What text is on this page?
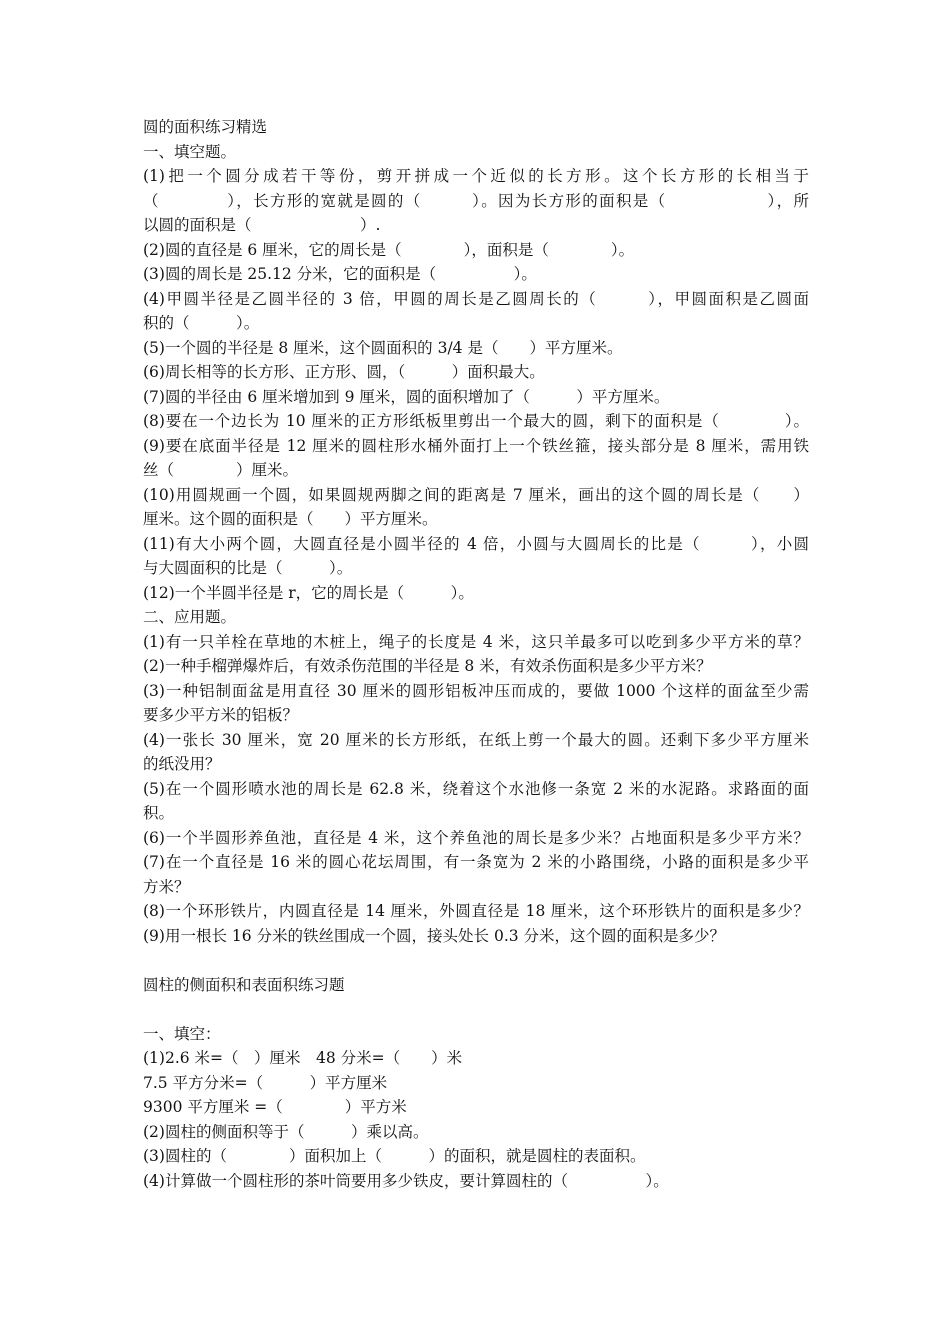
圆的面积练习精选
一、填空题。
(1)把一个圆分成若干等份，剪开拼成一个近似的长方形。这个长方形的长相当于
（　　　　），长方形的宽就是圆的（　　　）。因为长方形的面积是（　　　　　　），所
以圆的面积是（　　　　　　　）.
(2)圆的直径是 6 厘米，它的周长是（　　　　），面积是（　　　　）。
(3)圆的周长是 25.12 分米，它的面积是（　　　　　）。
(4)甲圆半径是乙圆半径的 3 倍，甲圆的周长是乙圆周长的（　　　），甲圆面积是乙圆面
积的（　　　）。
(5)一个圆的半径是 8 厘米，这个圆面积的 3/4 是（　　）平方厘米。
(6)周长相等的长方形、正方形、圆，（　　　）面积最大。
(7)圆的半径由 6 厘米增加到 9 厘米，圆的面积增加了（　　　）平方厘米。
(8)要在一个边长为 10 厘米的正方形纸板里剪出一个最大的圆，剩下的面积是（　　　　）。
(9)要在底面半径是 12 厘米的圆柱形水桶外面打上一个铁丝箍，接头部分是 8 厘米，需用铁
丝（　　　　）厘米。
(10)用圆规画一个圆，如果圆规两脚之间的距离是 7 厘米，画出的这个圆的周长是（　　）
厘米。这个圆的面积是（　　）平方厘米。
(11)有大小两个圆，大圆直径是小圆半径的 4 倍，小圆与大圆周长的比是（　　　），小圆
与大圆面积的比是（　　　）。
(12)一个半圆半径是 r，它的周长是（　　　）。
二、应用题。
(1)有一只羊栓在草地的木桩上，绳子的长度是 4 米，这只羊最多可以吃到多少平方米的草？
(2)一种手榴弹爆炸后，有效杀伤范围的半径是 8 米，有效杀伤面积是多少平方米？
(3)一种铝制面盆是用直径 30 厘米的圆形铝板冲压而成的，要做 1000 个这样的面盆至少需
要多少平方米的铝板？
(4)一张长 30 厘米，宽 20 厘米的长方形纸，在纸上剪一个最大的圆。还剩下多少平方厘米
的纸没用？
(5)在一个圆形喷水池的周长是 62.8 米，绕着这个水池修一条宽 2 米的水泥路。求路面的面
积。
(6)一个半圆形养鱼池，直径是 4 米，这个养鱼池的周长是多少米？占地面积是多少平方米？
(7)在一个直径是 16 米的圆心花坛周围，有一条宽为 2 米的小路围绕，小路的面积是多少平
方米？
(8)一个环形铁片，内圆直径是 14 厘米，外圆直径是 18 厘米，这个环形铁片的面积是多少？
(9)用一根长 16 分米的铁丝围成一个圆，接头处长 0.3 分米，这个圆的面积是多少？
圆柱的侧面积和表面积练习题
一、填空：
(1)2.6 米=（　）厘米　48 分米=（　　）米
7.5 平方分米=（　　　）平方厘米
9300 平方厘米 =（　　　　）平方米
(2)圆柱的侧面积等于（　　　）乘以高。
(3)圆柱的（　　　　）面积加上（　　　）的面积，就是圆柱的表面积。
(4)计算做一个圆柱形的茶叶筒要用多少铁皮，要计算圆柱的（　　　　　）。
